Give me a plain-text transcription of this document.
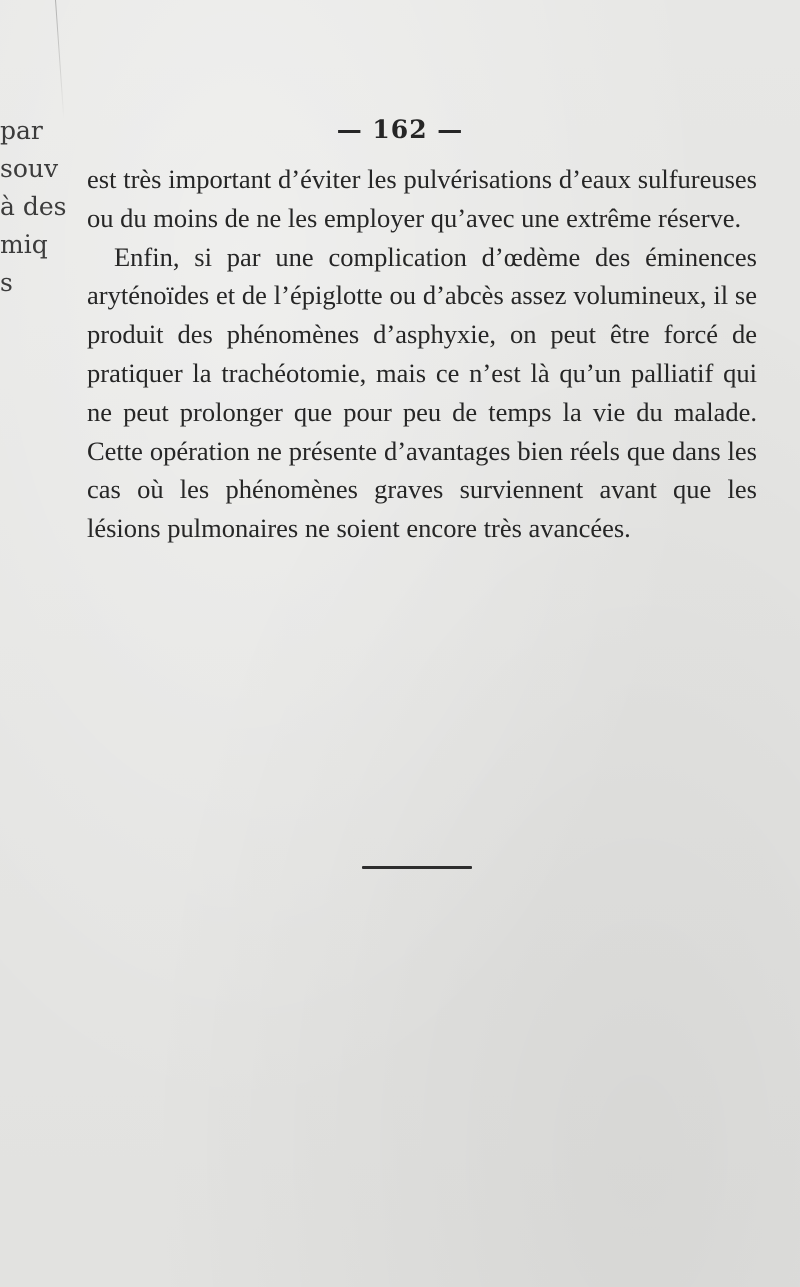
par
souv
à des
miq
s
— 162 —

est très important d’éviter les pulvérisations d’eaux sulfureuses ou du moins de ne les employer qu’avec une extrême réserve.

Enfin, si par une complication d’œdème des éminences aryténoïdes et de l’épiglotte ou d’abcès assez volumineux, il se produit des phénomènes d’asphyxie, on peut être forcé de pratiquer la trachéotomie, mais ce n’est là qu’un palliatif qui ne peut prolonger que pour peu de temps la vie du malade. Cette opération ne présente d’avantages bien réels que dans les cas où les phénomènes graves surviennent avant que les lésions pulmonaires ne soient encore très avancées.
